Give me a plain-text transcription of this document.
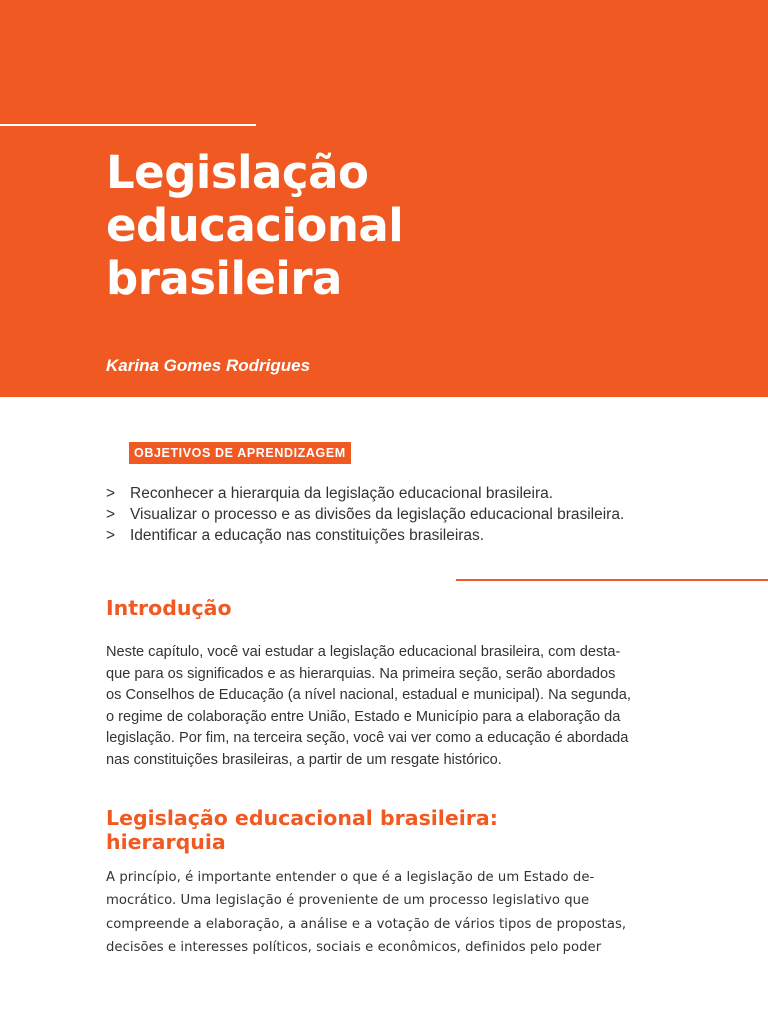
Legislação
educacional
brasileira
Karina Gomes Rodrigues
OBJETIVOS DE APRENDIZAGEM
> Reconhecer a hierarquia da legislação educacional brasileira.
> Visualizar o processo e as divisões da legislação educacional brasileira.
> Identificar a educação nas constituições brasileiras.
Introdução

Neste capítulo, você vai estudar a legislação educacional brasileira, com desta-
que para os significados e as hierarquias. Na primeira seção, serão abordados
os Conselhos de Educação (a nível nacional, estadual e municipal). Na segunda,
o regime de colaboração entre União, Estado e Município para a elaboração da
legislação. Por fim, na terceira seção, você vai ver como a educação é abordada
nas constituições brasileiras, a partir de um resgate histórico.

Legislação educacional brasileira:
hierarquia

A princípio, é importante entender o que é a legislação de um Estado de-
mocrático. Uma legislação é proveniente de um processo legislativo que
compreende a elaboração, a análise e a votação de vários tipos de propostas,
decisões e interesses políticos, sociais e econômicos, definidos pelo poder
